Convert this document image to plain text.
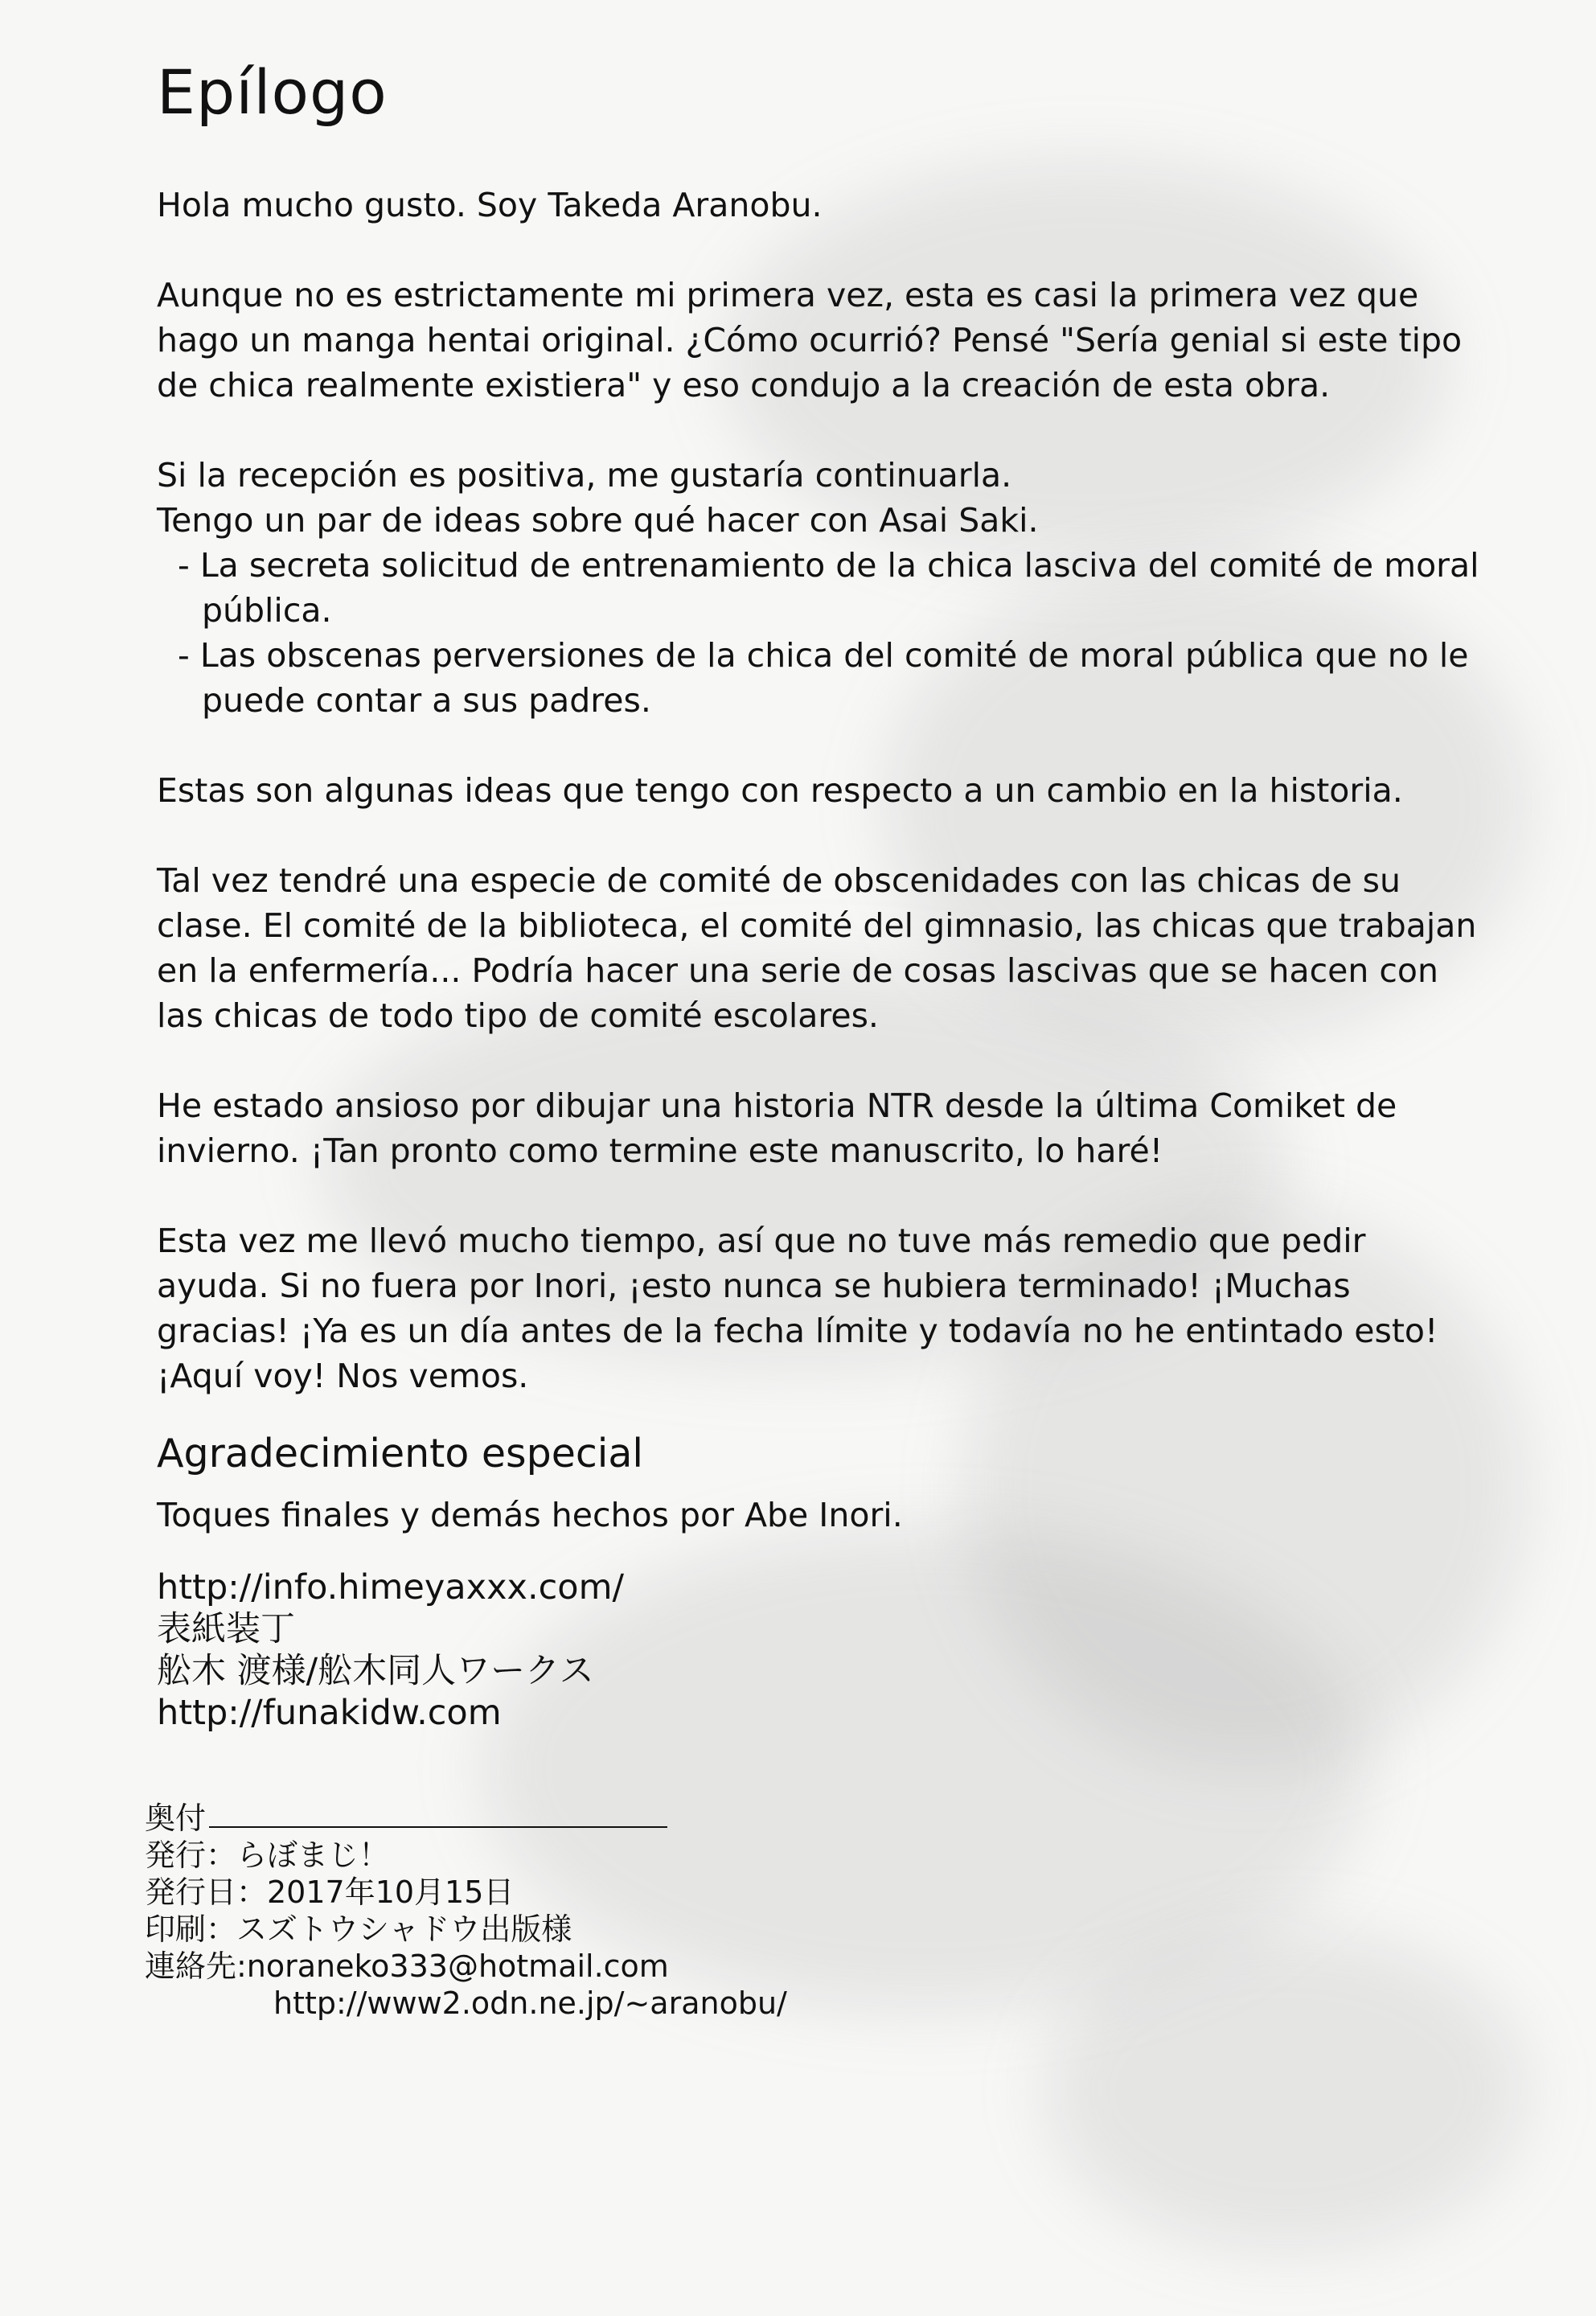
Epílogo

Hola mucho gusto. Soy Takeda Aranobu.

Aunque no es estrictamente mi primera vez, esta es casi la primera vez que hago un manga hentai original. ¿Cómo ocurrió? Pensé "Sería genial si este tipo de chica realmente existiera" y eso condujo a la creación de esta obra.

Si la recepción es positiva, me gustaría continuarla.
Tengo un par de ideas sobre qué hacer con Asai Saki.

- La secreta solicitud de entrenamiento de la chica lasciva del comité de moral pública.
- Las obscenas perversiones de la chica del comité de moral pública que no le puede contar a sus padres.

Estas son algunas ideas que tengo con respecto a un cambio en la historia.

Tal vez tendré una especie de comité de obscenidades con las chicas de su clase. El comité de la biblioteca, el comité del gimnasio, las chicas que trabajan en la enfermería... Podría hacer una serie de cosas lascivas que se hacen con las chicas de todo tipo de comité escolares.

He estado ansioso por dibujar una historia NTR desde la última Comiket de invierno. ¡Tan pronto como termine este manuscrito, lo haré!

Esta vez me llevó mucho tiempo, así que no tuve más remedio que pedir ayuda. Si no fuera por Inori, ¡esto nunca se hubiera terminado! ¡Muchas gracias! ¡Ya es un día antes de la fecha límite y todavía no he entintado esto! ¡Aquí voy! Nos vemos.

Agradecimiento especial

Toques finales y demás hechos por Abe Inori.

http://info.himeyaxxx.com/
表紙装丁
舩木 渡様/舩木同人ワークス
http://funakidw.com
奥付
発行：らぼまじ！
発行日：2017年10月15日
印刷：スズトウシャドウ出版様
連絡先:noraneko333@hotmail.com
http://www2.odn.ne.jp/~aranobu/
